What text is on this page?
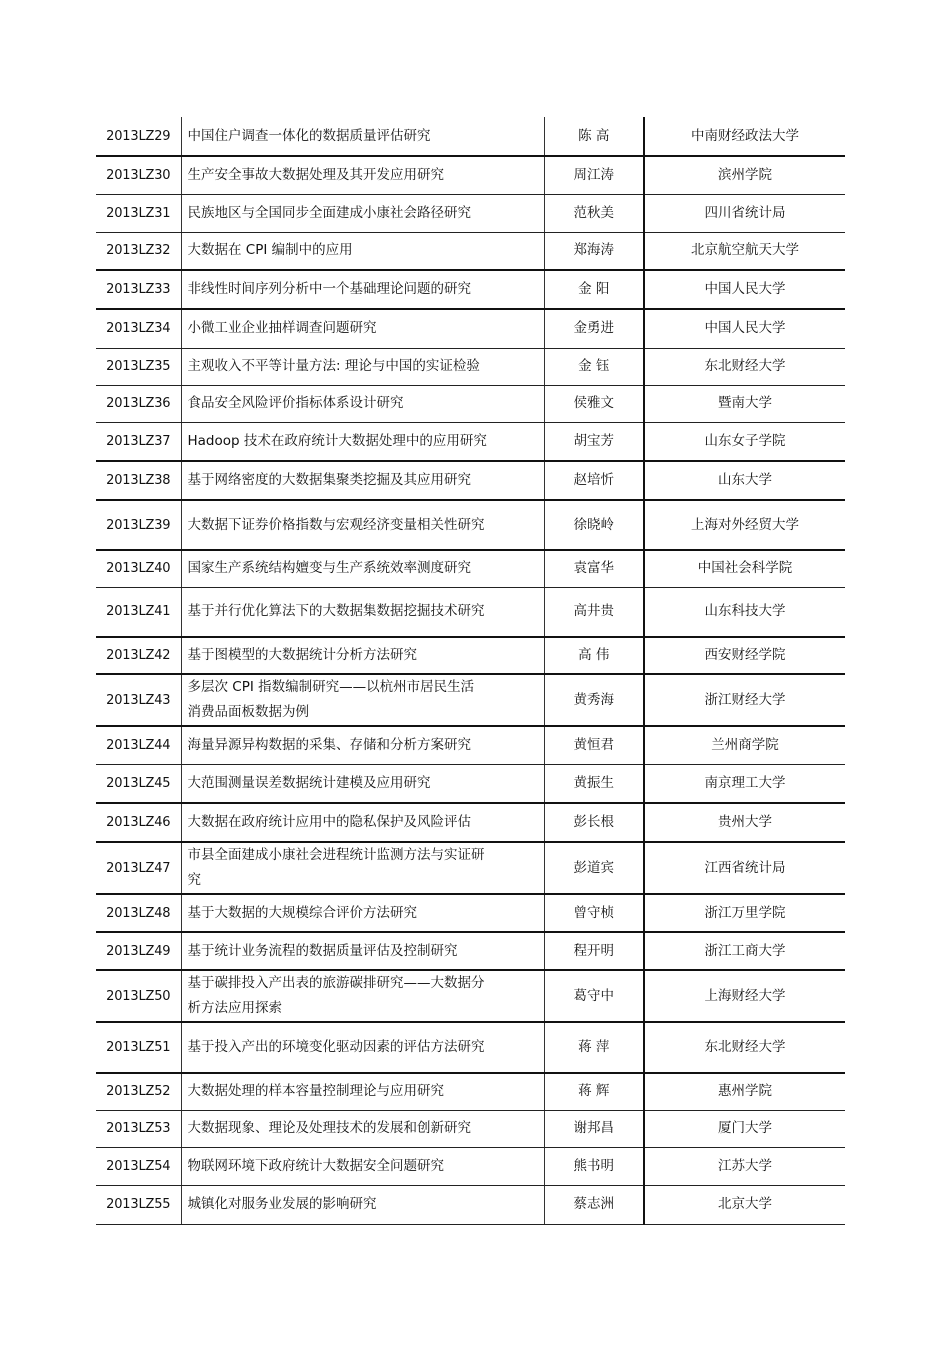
2013LZ29	中国住户调查一体化的数据质量评估研究	陈 高	中南财经政法大学
2013LZ30	生产安全事故大数据处理及其开发应用研究	周江涛	滨州学院
2013LZ31	民族地区与全国同步全面建成小康社会路径研究	范秋美	四川省统计局
2013LZ32	大数据在 CPI 编制中的应用	郑海涛	北京航空航天大学
2013LZ33	非线性时间序列分析中一个基础理论问题的研究	金 阳	中国人民大学
2013LZ34	小微工业企业抽样调查问题研究	金勇进	中国人民大学
2013LZ35	主观收入不平等计量方法: 理论与中国的实证检验	金 钰	东北财经大学
2013LZ36	食品安全风险评价指标体系设计研究	侯雅文	暨南大学
2013LZ37	Hadoop 技术在政府统计大数据处理中的应用研究	胡宝芳	山东女子学院
2013LZ38	基于网络密度的大数据集聚类挖掘及其应用研究	赵培忻	山东大学
2013LZ39	大数据下证券价格指数与宏观经济变量相关性研究	徐晓岭	上海对外经贸大学
2013LZ40	国家生产系统结构嬗变与生产系统效率测度研究	袁富华	中国社会科学院
2013LZ41	基于并行优化算法下的大数据集数据挖掘技术研究	高井贵	山东科技大学
2013LZ42	基于图模型的大数据统计分析方法研究	高 伟	西安财经学院
2013LZ43	多层次 CPI 指数编制研究——以杭州市居民生活消费品面板数据为例	黄秀海	浙江财经大学
2013LZ44	海量异源异构数据的采集、存储和分析方案研究	黄恒君	兰州商学院
2013LZ45	大范围测量误差数据统计建模及应用研究	黄振生	南京理工大学
2013LZ46	大数据在政府统计应用中的隐私保护及风险评估	彭长根	贵州大学
2013LZ47	市县全面建成小康社会进程统计监测方法与实证研究	彭道宾	江西省统计局
2013LZ48	基于大数据的大规模综合评价方法研究	曾守桢	浙江万里学院
2013LZ49	基于统计业务流程的数据质量评估及控制研究	程开明	浙江工商大学
2013LZ50	基于碳排投入产出表的旅游碳排研究——大数据分析方法应用探索	葛守中	上海财经大学
2013LZ51	基于投入产出的环境变化驱动因素的评估方法研究	蒋 萍	东北财经大学
2013LZ52	大数据处理的样本容量控制理论与应用研究	蒋 辉	惠州学院
2013LZ53	大数据现象、理论及处理技术的发展和创新研究	谢邦昌	厦门大学
2013LZ54	物联网环境下政府统计大数据安全问题研究	熊书明	江苏大学
2013LZ55	城镇化对服务业发展的影响研究	蔡志洲	北京大学
